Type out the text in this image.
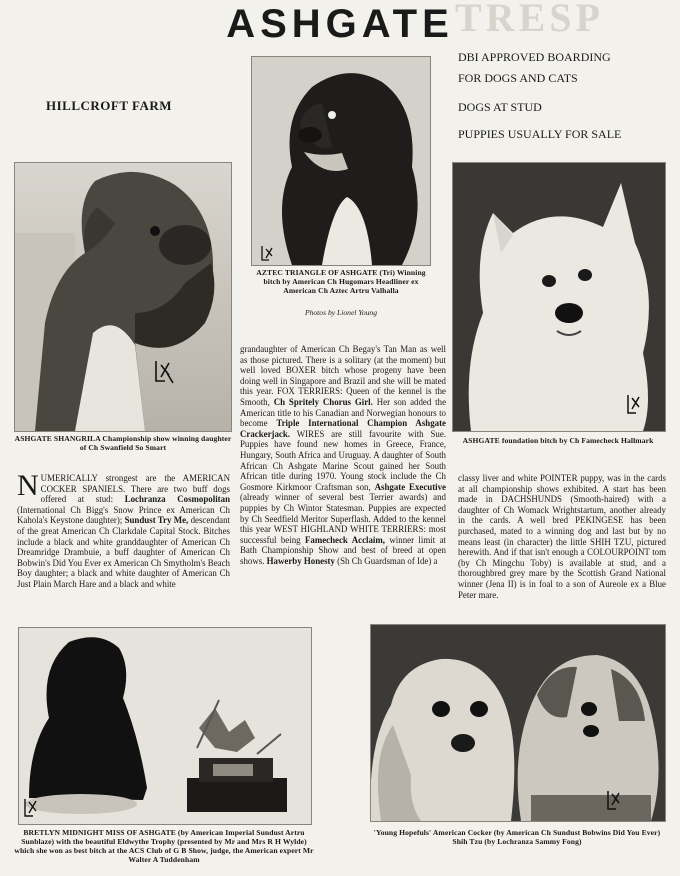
TRESP
ASHGATE
HILLCROFT FARM
DBI APPROVED BOARDING
FOR DOGS AND CATS
DOGS AT STUD
PUPPIES USUALLY FOR SALE
ASHGATE SHANGRILA Championship show winning daughter of Ch Swanfield So Smart
AZTEC TRIANGLE OF ASHGATE (Tri) Winning bitch by American Ch Hugomars Headliner ex American Ch Aztec Artru Valhalla
Photos by Lionel Young
ASHGATE foundation bitch by Ch Famecheck Hallmark
N UMERICALLY strongest are the AMERICAN COCKER SPANIELS. There are two buff dogs offered at stud: Lochranza Cosmopolitan (International Ch Bigg's Snow Prince ex American Ch Kahola's Keystone daughter); Sundust Try Me, descendant of the great American Ch Clarkdale Capital Stock. Bitches include a black and white granddaughter of American Ch Dreamridge Drambuie, a buff daughter of American Ch Bobwin's Did You Ever ex American Ch Smytholm's Beach Boy daughter; a black and white daughter of American Ch Just Plain March Hare and a black and white
grandaughter of American Ch Begay's Tan Man as well as those pictured. There is a solitary (at the moment) but well loved BOXER bitch whose progeny have been doing well in Singapore and Brazil and she will be mated this year. FOX TERRIERS: Queen of the kennel is the Smooth, Ch Spritely Chorus Girl. Her son added the American title to his Canadian and Norwegian honours to become Triple International Champion Ashgate Crackerjack. WIRES are still favourite with Sue. Puppies have found new homes in Greece, France, Hungary, South Africa and Uruguay. A daughter of South African Ch Ashgate Marine Scout gained her South African title during 1970. Young stock include the Ch Gosmore Kirkmoor Craftsman son, Ashgate Executive (already winner of several best Terrier awards) and puppies by Ch Wintor Statesman. Puppies are expected by Ch Seedfield Meritor Superflash. Added to the kennel this year WEST HIGHLAND WHITE TERRIERS: most successful being Famecheck Acclaim, winner limit at Bath Championship Show and best of breed at open shows. Hawerby Honesty (Sh Ch Guardsman of Ide) a
classy liver and white POINTER puppy, was in the cards at all championship shows exhibited. A start has been made in DACHSHUNDS (Smooth-haired) with a daughter of Ch Womack Wrightstartum, another already in the cards. A well bred PEKINGESE has been purchased, mated to a winning dog and last but by no means least (in character) the little SHIH TZU, pictured herewith. And if that isn't enough a COLOURPOINT tom (by Ch Mingchu Toby) is available at stud, and a thoroughbred grey mare by the Scottish Grand National winner (Jena II) is in foal to a son of Aureole ex a Blue Peter mare.
BRETLYN MIDNIGHT MISS OF ASHGATE (by American Imperial Sundust Artru Sunblaze) with the beautiful Eldwythe Trophy (presented by Mr and Mrs R H Wylde) which she won as best bitch at the ACS Club of G B Show, judge, the American expert Mr Walter A Tuddenham
'Young Hopefuls' American Cocker (by American Ch Sundust Bobwins Did You Ever) Shih Tzu (by Lochranza Sammy Fong)
